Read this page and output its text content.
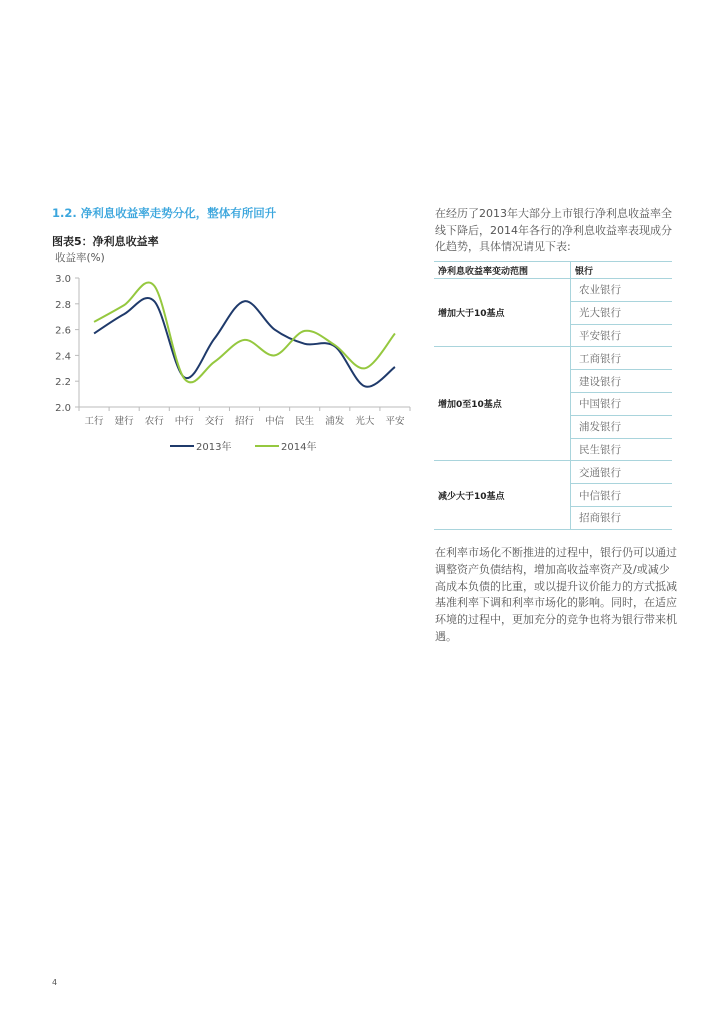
1.2. 净利息收益率走势分化，整体有所回升
图表5：净利息收益率
收益率(%)
2.0
2.2
2.4
2.6
2.8
3.0
工行 建行 农行 中行 交行 招行 中信 民生 浦发 光大 平安
2013年	2014年
在经历了2013年大部分上市银行净利息收益率全线下降后，2014年各行的净利息收益率表现成分化趋势，具体情况请见下表:
净利息收益率变动范围	银行
增加大于10基点	农业银行
	光大银行
	平安银行
增加0至10基点	工商银行
	建设银行
	中国银行
	浦发银行
	民生银行
减少大于10基点	交通银行
	中信银行
	招商银行
在利率市场化不断推进的过程中，银行仍可以通过调整资产负债结构，增加高收益率资产及/或减少高成本负债的比重，或以提升议价能力的方式抵减基准利率下调和利率市场化的影响。同时，在适应环境的过程中，更加充分的竞争也将为银行带来机遇。
4
